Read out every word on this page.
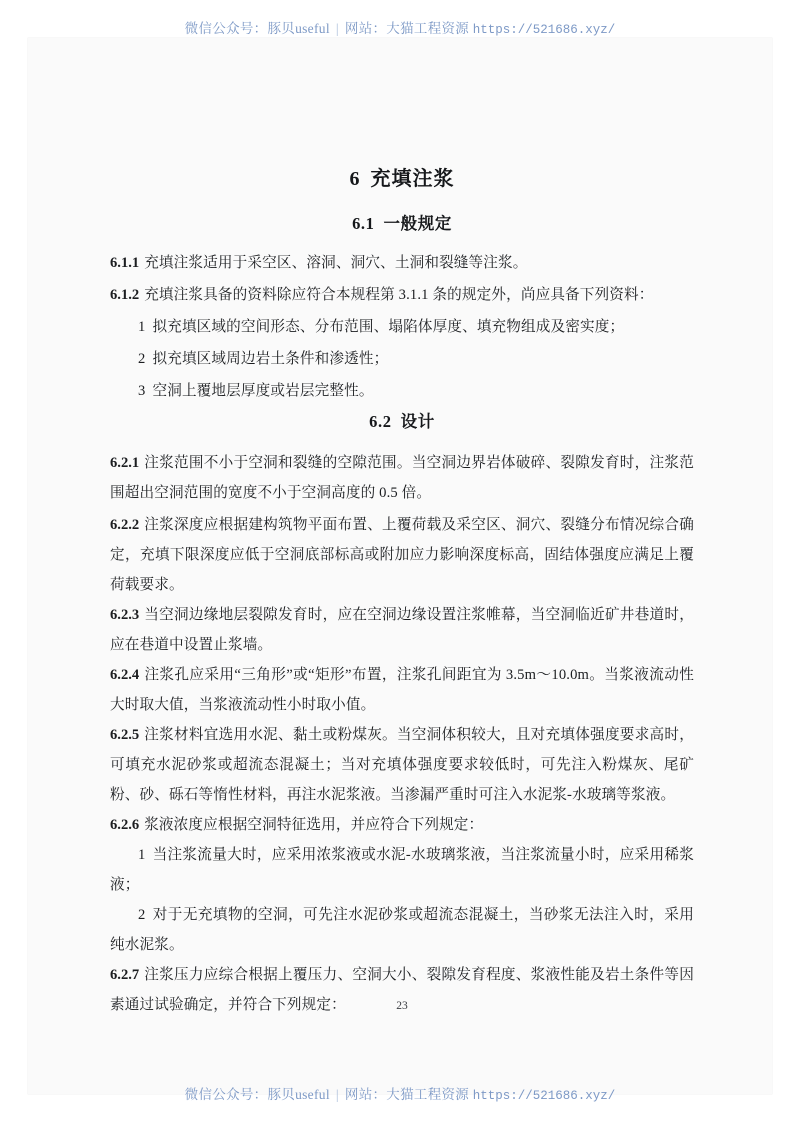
微信公众号：豚贝useful | 网站：大猫工程资源 https://521686.xyz/
6 充填注浆
6.1 一般规定
6.1.1 充填注浆适用于采空区、溶洞、洞穴、土洞和裂缝等注浆。
6.1.2 充填注浆具备的资料除应符合本规程第 3.1.1 条的规定外，尚应具备下列资料：
1 拟充填区域的空间形态、分布范围、塌陷体厚度、填充物组成及密实度；
2 拟充填区域周边岩土条件和渗透性；
3 空洞上覆地层厚度或岩层完整性。
6.2 设计
6.2.1 注浆范围不小于空洞和裂缝的空隙范围。当空洞边界岩体破碎、裂隙发育时，注浆范围超出空洞范围的宽度不小于空洞高度的 0.5 倍。
6.2.2 注浆深度应根据建构筑物平面布置、上覆荷载及采空区、洞穴、裂缝分布情况综合确定，充填下限深度应低于空洞底部标高或附加应力影响深度标高，固结体强度应满足上覆荷载要求。
6.2.3 当空洞边缘地层裂隙发育时，应在空洞边缘设置注浆帷幕，当空洞临近矿井巷道时，应在巷道中设置止浆墙。
6.2.4 注浆孔应采用“三角形”或“矩形”布置，注浆孔间距宜为 3.5m～10.0m。当浆液流动性大时取大值，当浆液流动性小时取小值。
6.2.5 注浆材料宜选用水泥、黏土或粉煤灰。当空洞体积较大，且对充填体强度要求高时，可填充水泥砂浆或超流态混凝土；当对充填体强度要求较低时，可先注入粉煤灰、尾矿粉、砂、砾石等惰性材料，再注水泥浆液。当渗漏严重时可注入水泥浆-水玻璃等浆液。
6.2.6 浆液浓度应根据空洞特征选用，并应符合下列规定：
1 当注浆流量大时，应采用浓浆液或水泥-水玻璃浆液，当注浆流量小时，应采用稀浆液；
2 对于无充填物的空洞，可先注水泥砂浆或超流态混凝土，当砂浆无法注入时，采用纯水泥浆。
6.2.7 注浆压力应综合根据上覆压力、空洞大小、裂隙发育程度、浆液性能及岩土条件等因素通过试验确定，并符合下列规定：	23
微信公众号：豚贝useful | 网站：大猫工程资源 https://521686.xyz/
